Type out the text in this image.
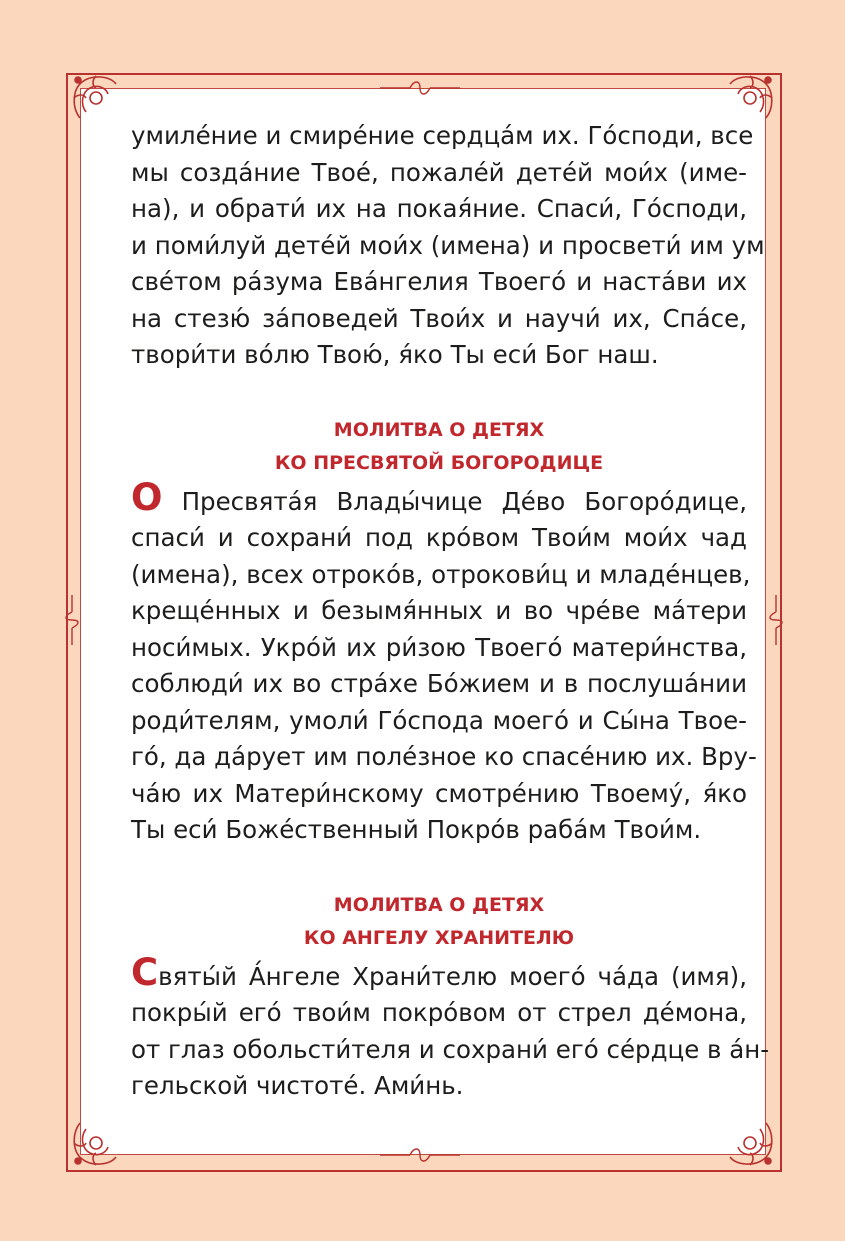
умиле́ние и смире́ние сердца́м их. Го́споди, все
мы созда́ние Твое́, пожале́й дете́й мои́х (име-
на), и обрати́ их на покая́ние. Спаси́, Го́споди,
и поми́луй дете́й мои́х (имена) и просвети́ им ум
све́том ра́зума Ева́нгелия Твоего́ и наста́ви их
на стезю́ за́поведей Твои́х и научи́ их, Спа́се,
твори́ти во́лю Твою́, я́ко Ты еси́ Бог наш.

МОЛИТВА О ДЕТЯХ

КО ПРЕСВЯТОЙ БОГОРОДИЦЕ

О Пресвята́я Влады́чице Де́во Богоро́дице,
спаси́ и сохрани́ под кро́вом Твои́м мои́х чад
(имена), всех отроко́в, отрокови́ц и младе́нцев,
креще́нных и безымя́нных и во чре́ве ма́тери
носи́мых. Укро́й их ри́зою Твоего́ матери́нства,
соблюди́ их во стра́хе Бо́жием и в послуша́нии
роди́телям, умоли́ Го́спода моего́ и Сы́на Твое-
го́, да да́рует им поле́зное ко спасе́нию их. Вру-
ча́ю их Матери́нскому смотре́нию Твоему́, я́ко
Ты еси́ Боже́ственный Покро́в раба́м Твои́м.

МОЛИТВА О ДЕТЯХ

КО АНГЕЛУ ХРАНИТЕЛЮ

Святы́й А́нгеле Храни́телю моего́ ча́да (имя),
покры́й его́ твои́м покро́вом от стрел де́мона,
от глаз обольсти́теля и сохрани́ его́ се́рдце в а́н-
гельской чистоте́. Ами́нь.
